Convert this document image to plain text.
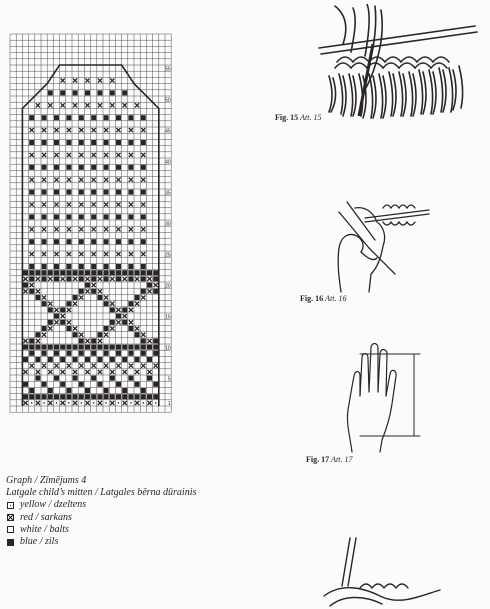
1
5
10
15
20
25
30
35
40
45
50
55
Fig. 15 Att. 15
Fig. 16 Att. 16
Fig. 17 Att. 17
Graph / Zīmējums 4
Latgale child’s mitten / Latgales bērna dūrainis
yellow / dzeltens
red / sarkans
white / balts
blue / zils
